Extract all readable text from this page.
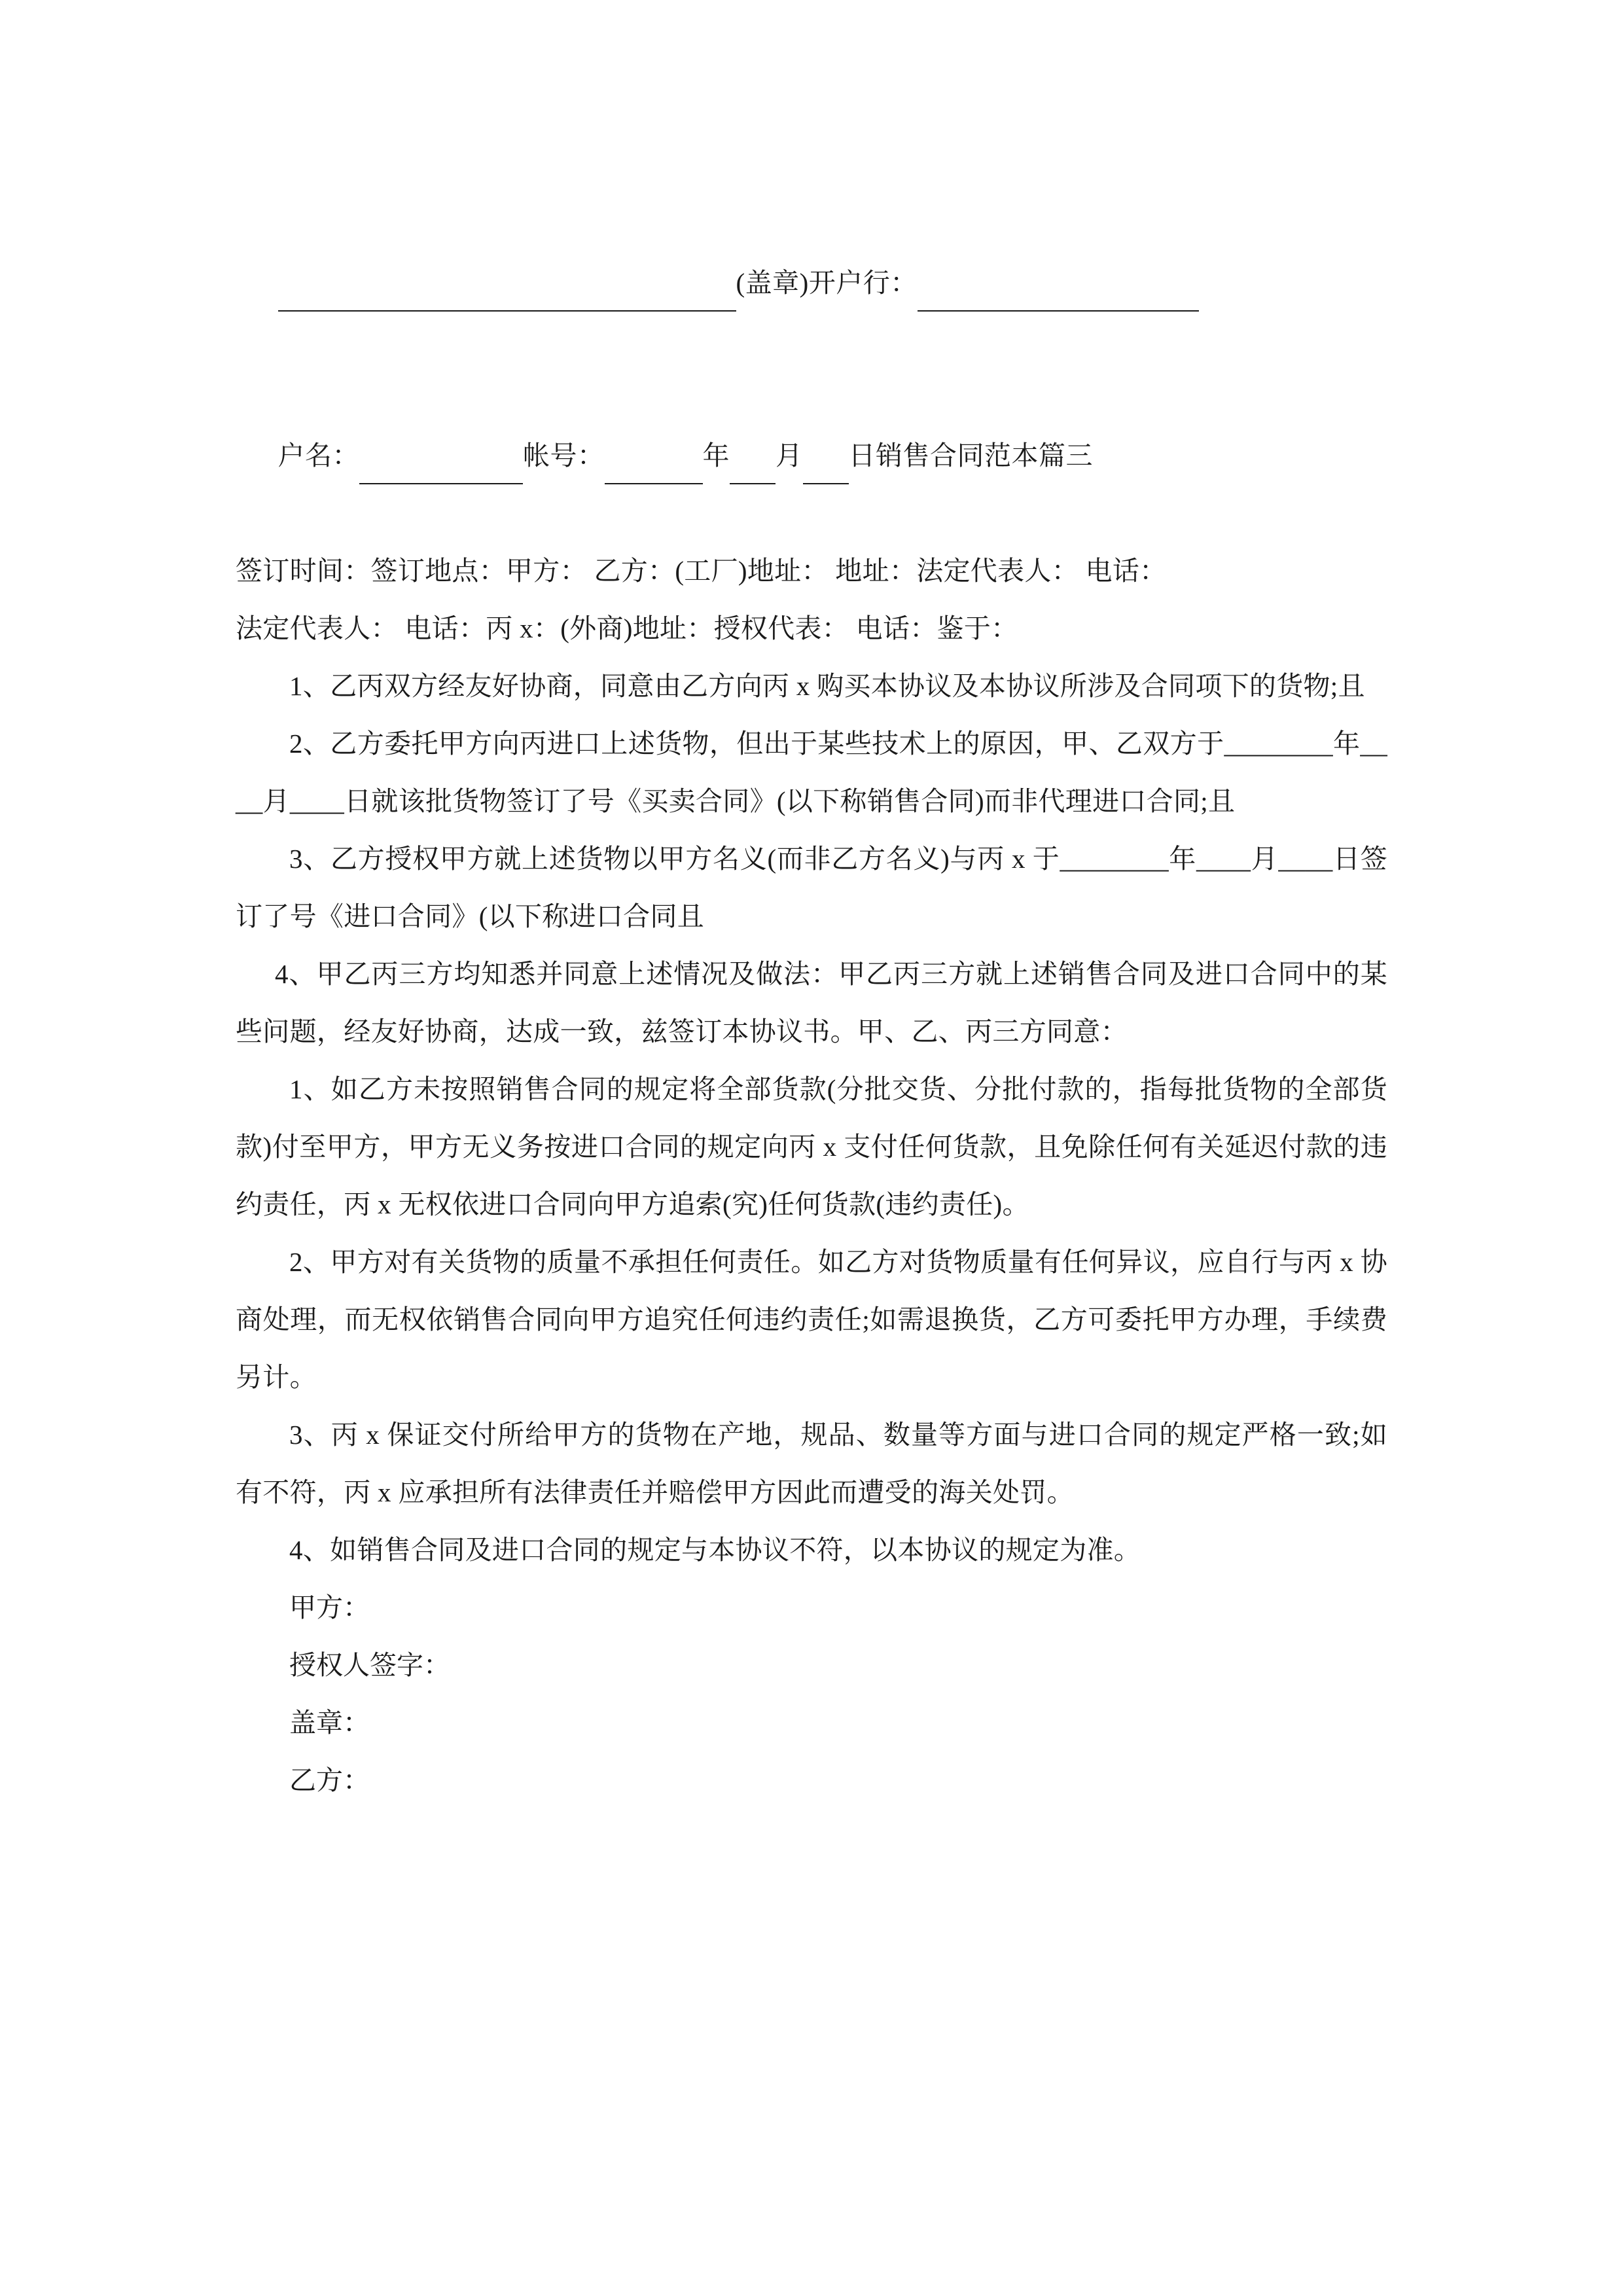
(盖章)开户行：

户名：	帐号：	年 月 日销售合同范本篇三

签订时间：签订地点：甲方： 乙方：(工厂)地址： 地址：法定代表人： 电话：

法定代表人： 电话：丙 x：(外商)地址：授权代表： 电话：鉴于：

1、乙丙双方经友好协商，同意由乙方向丙 x 购买本协议及本协议所涉及合同项下的货物;且

2、乙方委托甲方向丙进口上述货物，但出于某些技术上的原因，甲、乙双方于________年____月____日就该批货物签订了号《买卖合同》(以下称销售合同)而非代理进口合同;且

3、乙方授权甲方就上述货物以甲方名义(而非乙方名义)与丙 x 于________年____月____日签订了号《进口合同》(以下称进口合同且

4、甲乙丙三方均知悉并同意上述情况及做法：甲乙丙三方就上述销售合同及进口合同中的某些问题，经友好协商，达成一致，兹签订本协议书。甲、乙、丙三方同意：

1、如乙方未按照销售合同的规定将全部货款(分批交货、分批付款的，指每批货物的全部货款)付至甲方，甲方无义务按进口合同的规定向丙 x 支付任何货款，且免除任何有关延迟付款的违约责任，丙 x 无权依进口合同向甲方追索(究)任何货款(违约责任)。

2、甲方对有关货物的质量不承担任何责任。如乙方对货物质量有任何异议，应自行与丙 x 协商处理，而无权依销售合同向甲方追究任何违约责任;如需退换货，乙方可委托甲方办理，手续费另计。

3、丙 x 保证交付所给甲方的货物在产地，规品、数量等方面与进口合同的规定严格一致;如有不符，丙 x 应承担所有法律责任并赔偿甲方因此而遭受的海关处罚。

4、如销售合同及进口合同的规定与本协议不符，以本协议的规定为准。

甲方：
授权人签字：
盖章：
乙方：
